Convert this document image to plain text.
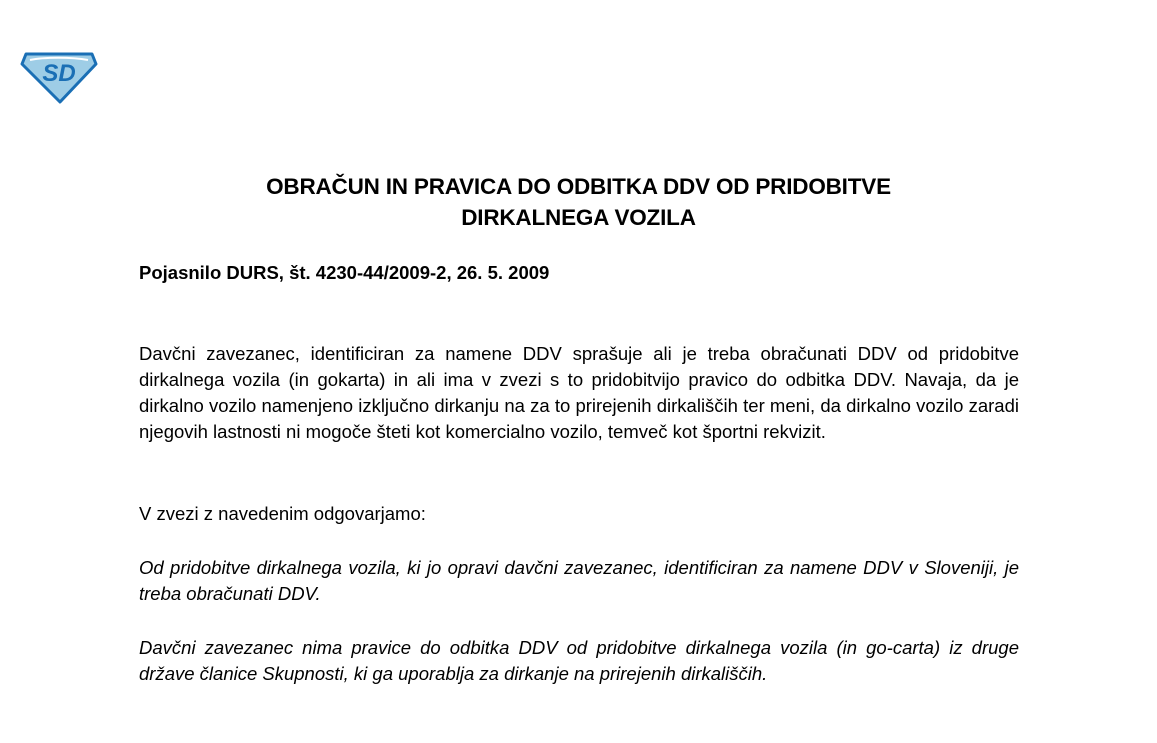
SD
OBRAČUN IN PRAVICA DO ODBITKA DDV OD PRIDOBITVE
DIRKALNEGA VOZILA
Pojasnilo DURS, št. 4230-44/2009-2, 26. 5. 2009

Davčni zavezanec, identificiran za namene DDV sprašuje ali je treba obračunati DDV od pridobitve dirkalnega vozila (in gokarta) in ali ima v zvezi s to pridobitvijo pravico do odbitka DDV. Navaja, da je dirkalno vozilo namenjeno izključno dirkanju na za to prirejenih dirkališčih ter meni, da dirkalno vozilo zaradi njegovih lastnosti ni mogoče šteti kot komercialno vozilo, temveč kot športni rekvizit.

V zvezi z navedenim odgovarjamo:

Od pridobitve dirkalnega vozila, ki jo opravi davčni zavezanec, identificiran za namene DDV v Sloveniji, je treba obračunati DDV.

Davčni zavezanec nima pravice do odbitka DDV od pridobitve dirkalnega vozila (in go-carta) iz druge države članice Skupnosti, ki ga uporablja za dirkanje na prirejenih dirkališčih.
